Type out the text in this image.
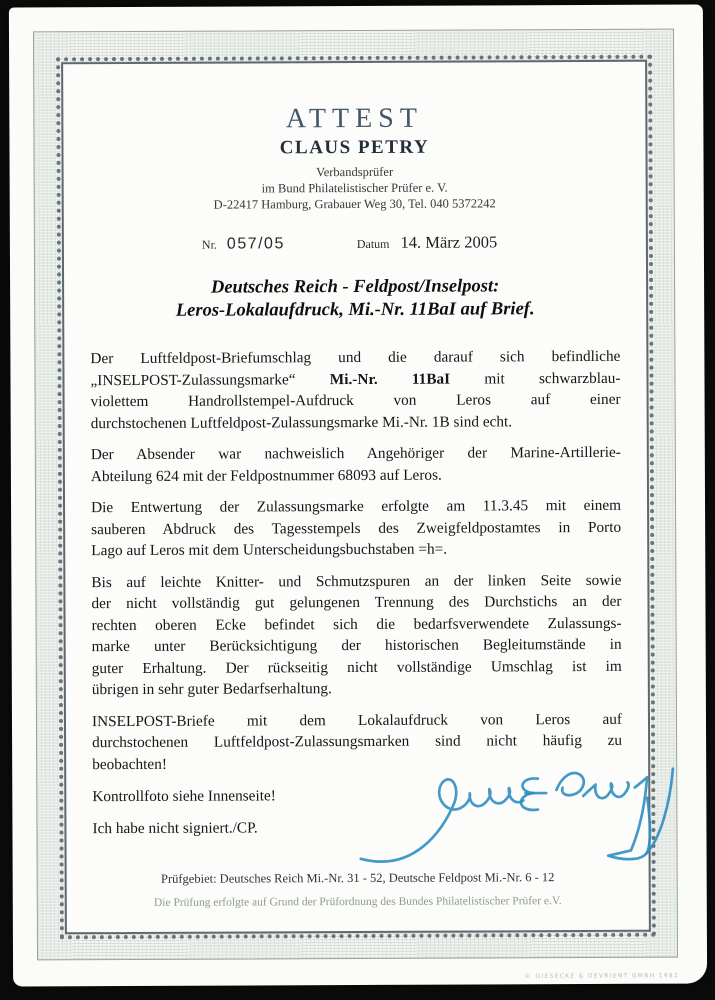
ATTEST
CLAUS PETRY
Verbandsprüfer
im Bund Philatelistischer Prüfer e. V.
D-22417 Hamburg, Grabauer Weg 30, Tel. 040 5372242
Nr. 057/05	Datum 14. März 2005
Deutsches Reich - Feldpost/Inselpost:
Leros-Lokalaufdruck, Mi.-Nr. 11BaI auf Brief.
Der Luftfeldpost-Briefumschlag und die darauf sich befindliche
„INSELPOST-Zulassungsmarke“ Mi.-Nr. 11BaI mit schwarzblau-
violettem Handrollstempel-Aufdruck von Leros auf einer
durchstochenen Luftfeldpost-Zulassungsmarke Mi.-Nr. 1B sind echt.
Der Absender war nachweislich Angehöriger der Marine-Artillerie-
Abteilung 624 mit der Feldpostnummer 68093 auf Leros.
Die Entwertung der Zulassungsmarke erfolgte am 11.3.45 mit einem
sauberen Abdruck des Tagesstempels des Zweigfeldpostamtes in Porto
Lago auf Leros mit dem Unterscheidungsbuchstaben =h=.
Bis auf leichte Knitter- und Schmutzspuren an der linken Seite sowie
der nicht vollständig gut gelungenen Trennung des Durchstichs an der
rechten oberen Ecke befindet sich die bedarfsverwendete Zulassungs-
marke unter Berücksichtigung der historischen Begleitumstände in
guter Erhaltung. Der rückseitig nicht vollständige Umschlag ist im
übrigen in sehr guter Bedarfserhaltung.
INSELPOST-Briefe mit dem Lokalaufdruck von Leros auf
durchstochenen Luftfeldpost-Zulassungsmarken sind nicht häufig zu
beobachten!
Kontrollfoto siehe Innenseite!
Ich habe nicht signiert./CP.
Prüfgebiet: Deutsches Reich Mi.-Nr. 31 - 52, Deutsche Feldpost Mi.-Nr. 6 - 12
Die Prüfung erfolgte auf Grund der Prüfordnung des Bundes Philatelistischer Prüfer e.V.
© GIESECKE & DEVRIENT GMBH 1982
